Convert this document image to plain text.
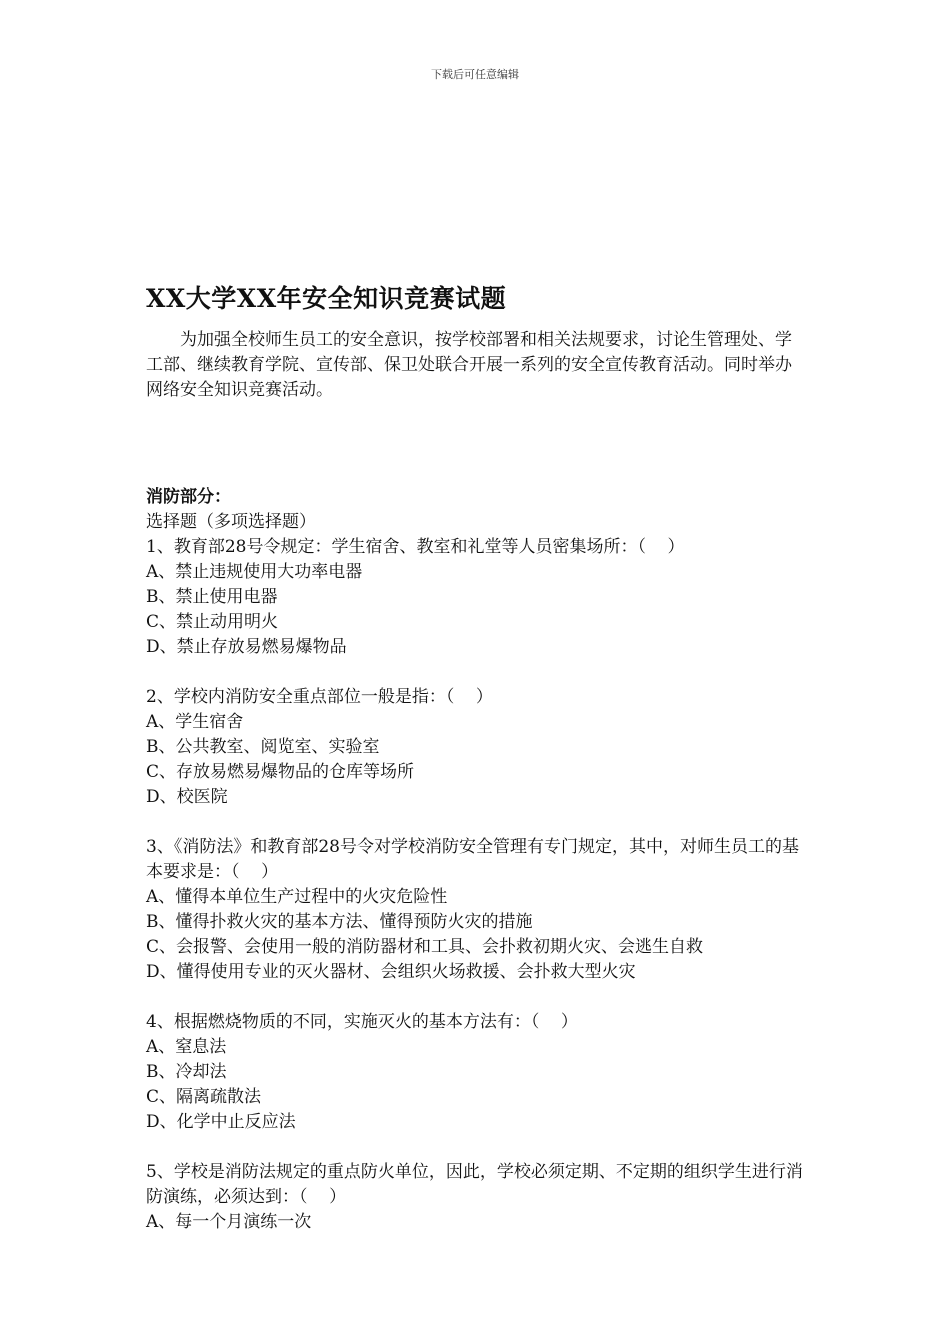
下载后可任意编辑
XX大学XX年安全知识竞赛试题

为加强全校师生员工的安全意识，按学校部署和相关法规要求，讨论生管理处、学工部、继续教育学院、宣传部、保卫处联合开展一系列的安全宣传教育活动。同时举办网络安全知识竞赛活动。

消防部分：
选择题（多项选择题）

1、教育部28号令规定：学生宿舍、教室和礼堂等人员密集场所：（    ）

A、禁止违规使用大功率电器

B、禁止使用电器

C、禁止动用明火

D、禁止存放易燃易爆物品

2、学校内消防安全重点部位一般是指：（    ）

A、学生宿舍

B、公共教室、阅览室、实验室

C、存放易燃易爆物品的仓库等场所

D、校医院

3、《消防法》和教育部28号令对学校消防安全管理有专门规定，其中，对师生员工的基本要求是：（    ）

A、懂得本单位生产过程中的火灾危险性

B、懂得扑救火灾的基本方法、懂得预防火灾的措施

C、会报警、会使用一般的消防器材和工具、会扑救初期火灾、会逃生自救

D、懂得使用专业的灭火器材、会组织火场救援、会扑救大型火灾

4、根据燃烧物质的不同，实施灭火的基本方法有：（    ）

A、窒息法

B、冷却法

C、隔离疏散法

D、化学中止反应法

5、学校是消防法规定的重点防火单位，因此，学校必须定期、不定期的组织学生进行消防演练，必须达到：（    ）

A、每一个月演练一次
